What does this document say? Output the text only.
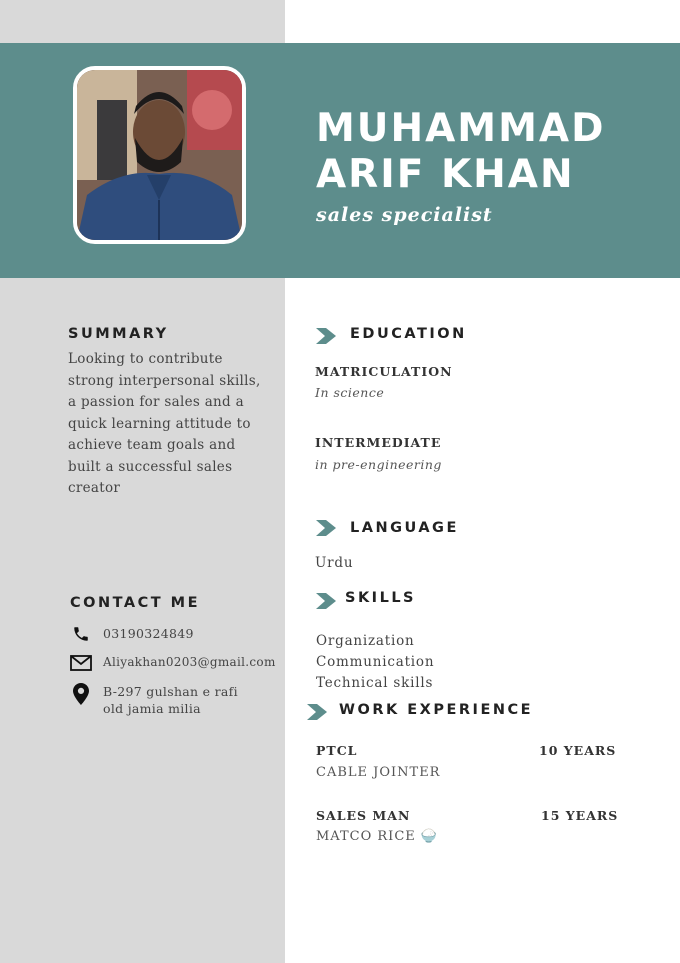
MUHAMMAD
ARIF KHAN
sales specialist
SUMMARY
Looking to contribute strong interpersonal skills, a passion for sales and a quick learning attitude to achieve team goals and built a successful sales creator
CONTACT ME
03190324849
Aliyakhan0203@gmail.com
B-297 gulshan e rafi
old jamia milia
EDUCATION
MATRICULATION
In science
INTERMEDIATE
in pre-engineering
LANGUAGE
Urdu
SKILLS
Organization
Communication
Technical skills
WORK EXPERIENCE
PTCL	10 YEARS
CABLE JOINTER
SALES MAN	15 YEARS
MATCO RICE 🍚
